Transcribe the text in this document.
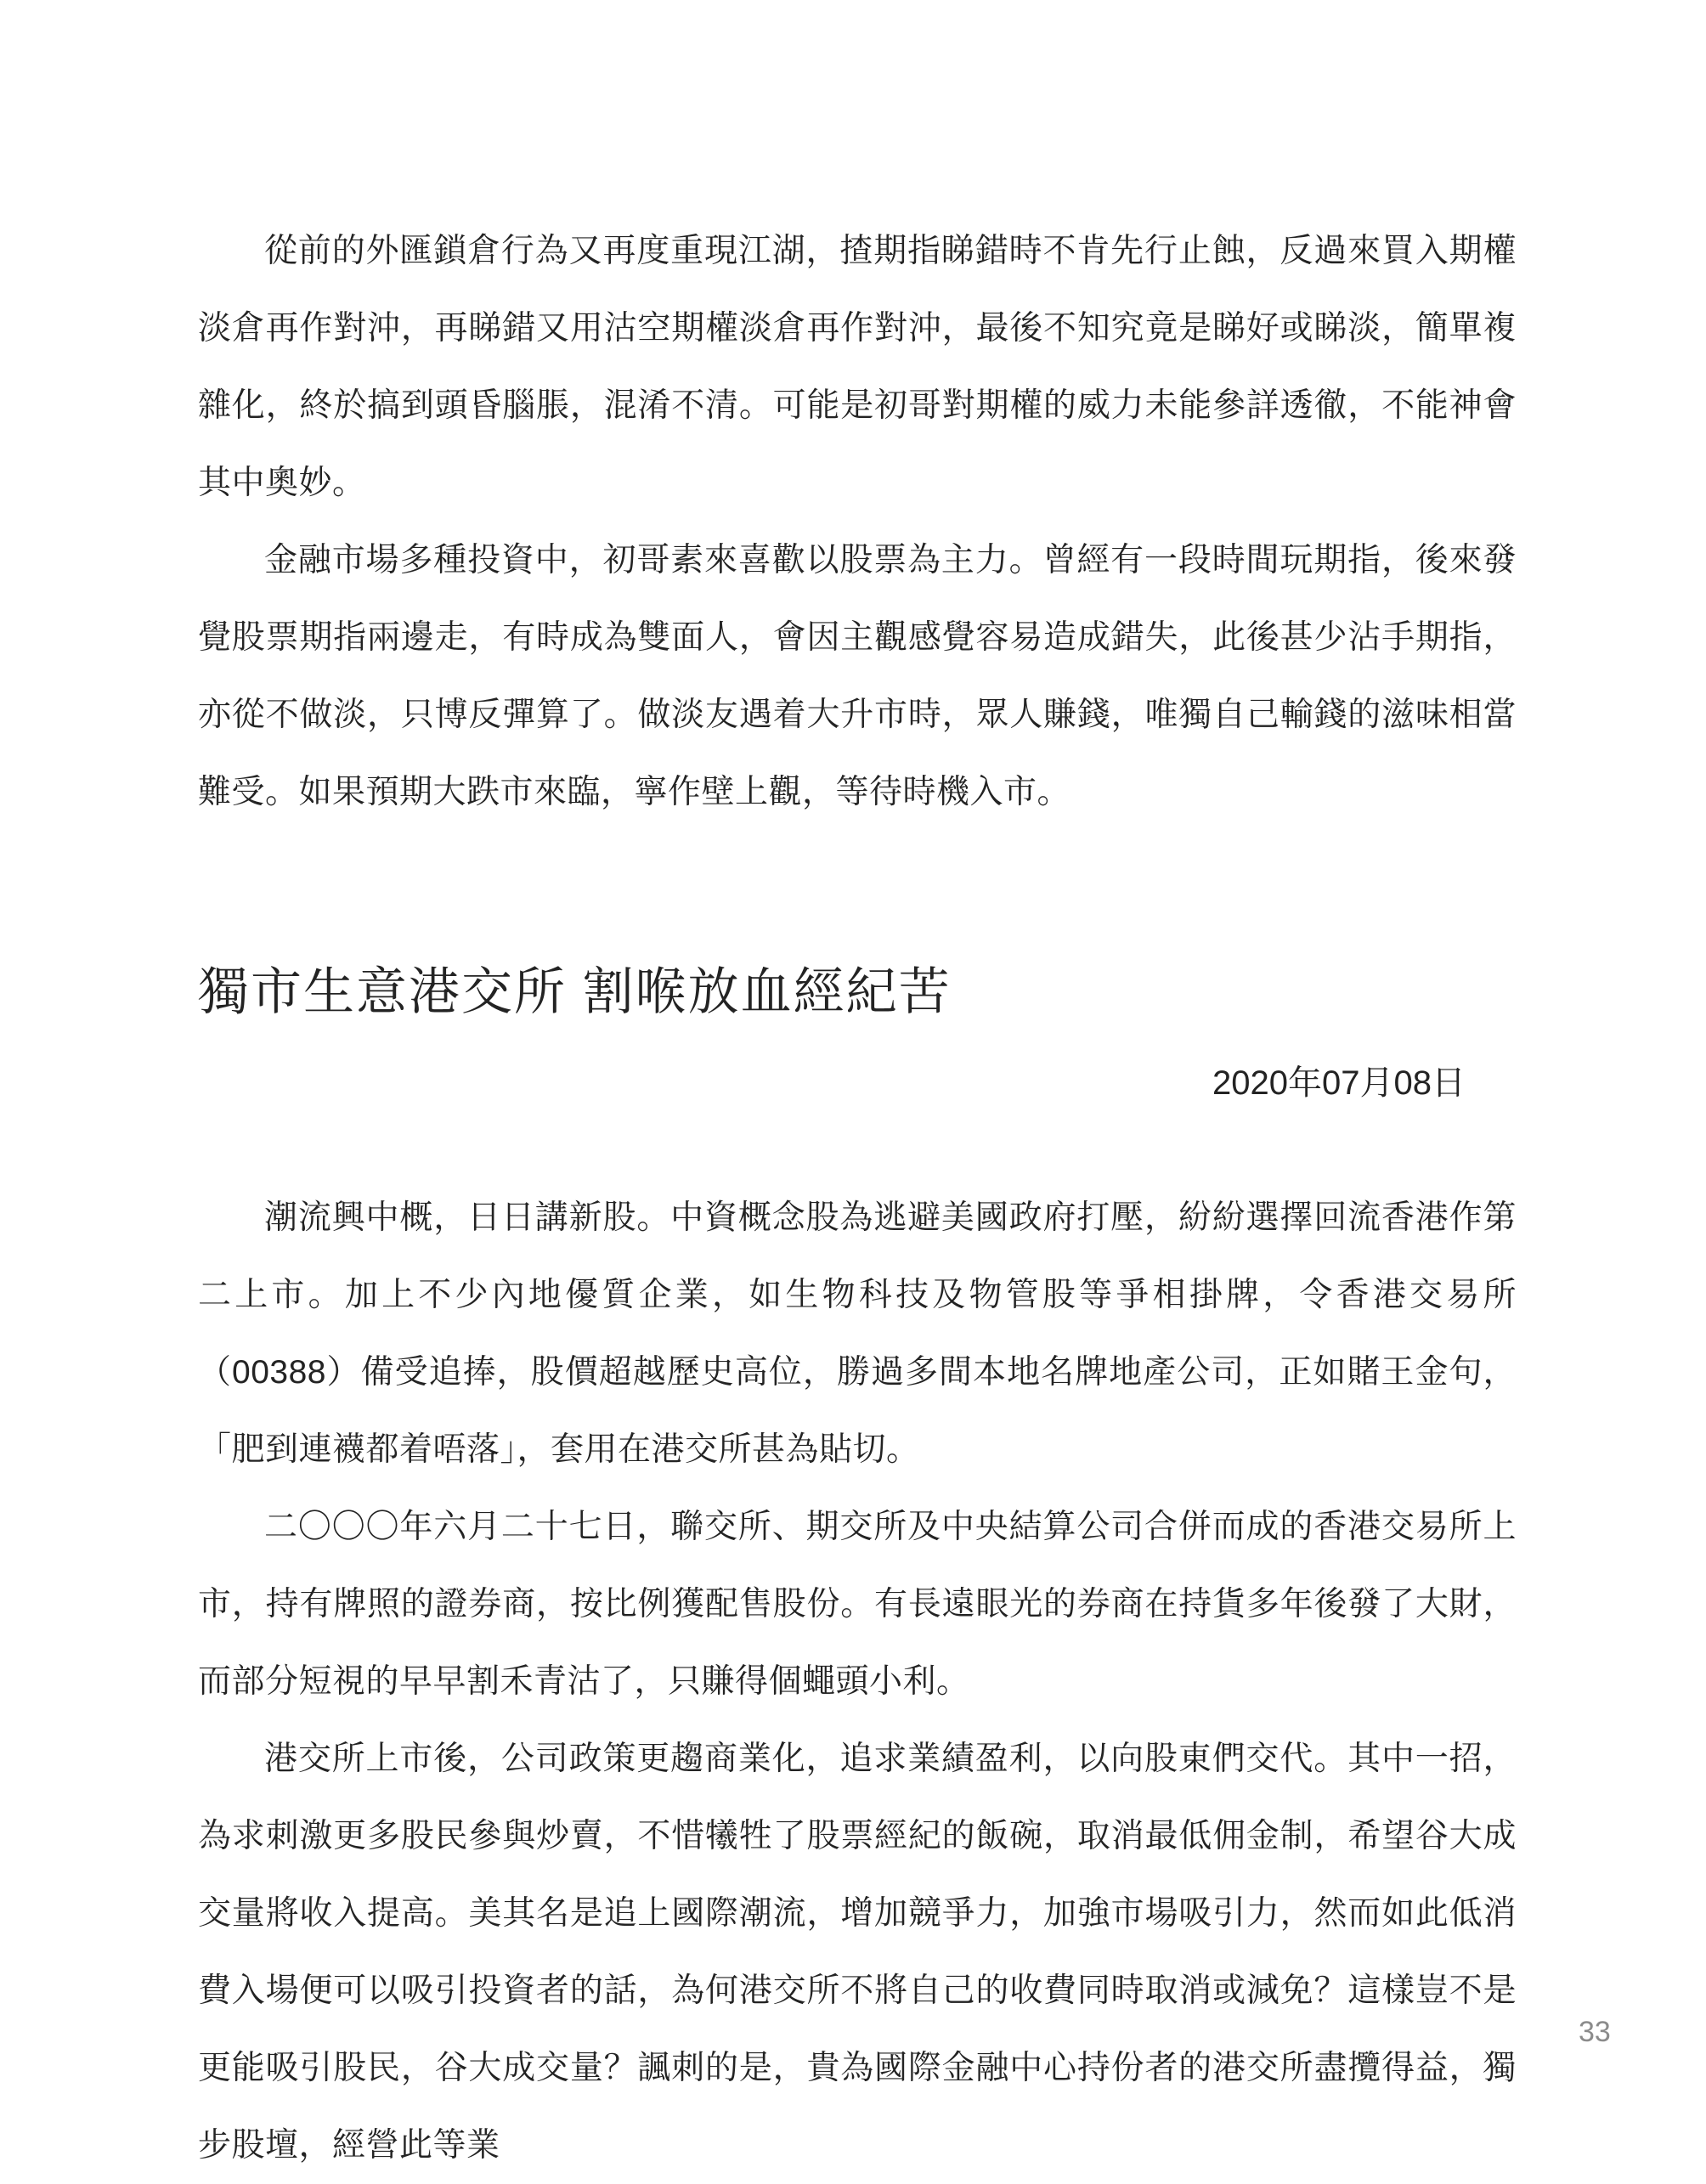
從前的外匯鎖倉行為又再度重現江湖，揸期指睇錯時不肯先行止蝕，反過來買入期權淡倉再作對沖，再睇錯又用沽空期權淡倉再作對沖，最後不知究竟是睇好或睇淡，簡單複雜化，終於搞到頭昏腦脹，混淆不清。可能是初哥對期權的威力未能參詳透徹，不能神會其中奧妙。

金融市場多種投資中，初哥素來喜歡以股票為主力。曾經有一段時間玩期指，後來發覺股票期指兩邊走，有時成為雙面人，會因主觀感覺容易造成錯失，此後甚少沾手期指，亦從不做淡，只博反彈算了。做淡友遇着大升市時，眾人賺錢，唯獨自己輸錢的滋味相當難受。如果預期大跌市來臨，寧作壁上觀，等待時機入市。

獨市生意港交所 割喉放血經紀苦
2020年07月08日

潮流興中概，日日講新股。中資概念股為逃避美國政府打壓，紛紛選擇回流香港作第二上市。加上不少內地優質企業，如生物科技及物管股等爭相掛牌，令香港交易所（00388）備受追捧，股價超越歷史高位，勝過多間本地名牌地產公司，正如賭王金句，「肥到連襪都着唔落」，套用在港交所甚為貼切。

二〇〇〇年六月二十七日，聯交所、期交所及中央結算公司合併而成的香港交易所上市，持有牌照的證券商，按比例獲配售股份。有長遠眼光的券商在持貨多年後發了大財，而部分短視的早早割禾青沽了，只賺得個蠅頭小利。

港交所上市後，公司政策更趨商業化，追求業績盈利，以向股東們交代。其中一招，為求刺激更多股民參與炒賣，不惜犧牲了股票經紀的飯碗，取消最低佣金制，希望谷大成交量將收入提高。美其名是追上國際潮流，增加競爭力，加強市場吸引力，然而如此低消費入場便可以吸引投資者的話，為何港交所不將自己的收費同時取消或減免？這樣豈不是更能吸引股民，谷大成交量？諷刺的是，貴為國際金融中心持份者的港交所盡攬得益，獨步股壇，經營此等業

33
